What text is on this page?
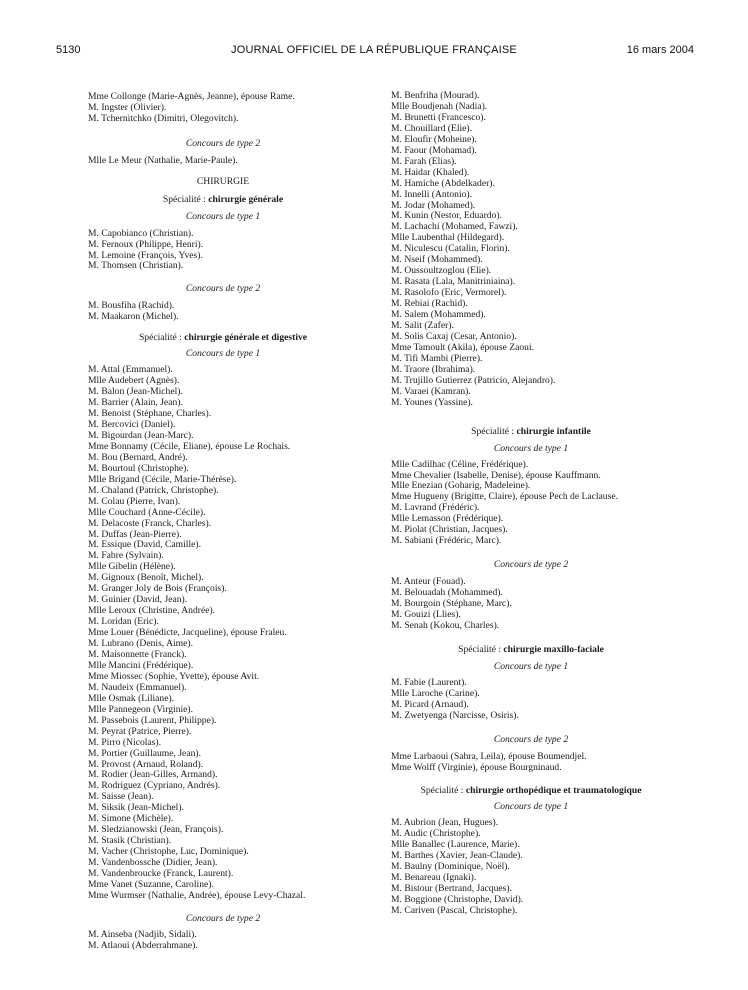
JOURNAL OFFICIEL DE LA RÉPUBLIQUE FRANÇAISE
5130	16 mars 2004
Mme Collonge (Marie-Agnès, Jeanne), épouse Rame.
M. Ingster (Olivier).
M. Tchernitchko (Dimitri, Olegovitch).
Concours de type 2
Mlle Le Meur (Nathalie, Marie-Paule).
CHIRURGIE
Spécialité : chirurgie générale
Concours de type 1
M. Capobianco (Christian).
M. Fernoux (Philippe, Henri).
M. Lemoine (François, Yves).
M. Thomsen (Christian).
Concours de type 2
M. Bousfiha (Rachid).
M. Maakaron (Michel).
Spécialité : chirurgie générale et digestive
Concours de type 1
M. Attal (Emmanuel).
Mlle Audebert (Agnès).
M. Balon (Jean-Michel).
M. Barrier (Alain, Jean).
M. Benoist (Stéphane, Charles).
M. Bercovici (Daniel).
M. Bigourdan (Jean-Marc).
Mme Bonnamy (Cécile, Eliane), épouse Le Rochais.
M. Bou (Bernard, André).
M. Bourtoul (Christophe).
Mlle Brigand (Cécile, Marie-Thérèse).
M. Chaland (Patrick, Christophe).
M. Colau (Pierre, Ivan).
Mlle Couchard (Anne-Cécile).
M. Delacoste (Franck, Charles).
M. Duffas (Jean-Pierre).
M. Essique (David, Camille).
M. Fabre (Sylvain).
Mlle Gibelin (Hélène).
M. Gignoux (Benoît, Michel).
M. Granger Joly de Bois (François).
M. Guinier (David, Jean).
Mlle Leroux (Christine, Andrée).
M. Loridan (Eric).
Mme Louer (Bénédicte, Jacqueline), épouse Fraleu.
M. Lubrano (Denis, Aime).
M. Maisonnette (Franck).
Mlle Mancini (Frédérique).
Mme Miossec (Sophie, Yvette), épouse Avit.
M. Naudeix (Emmanuel).
Mlle Osmak (Liliane).
Mlle Pannegeon (Virginie).
M. Passebois (Laurent, Philippe).
M. Peyrat (Patrice, Pierre).
M. Pirro (Nicolas).
M. Portier (Guillaume, Jean).
M. Provost (Arnaud, Roland).
M. Rodier (Jean-Gilles, Armand).
M. Rodriguez (Cypriano, Andrés).
M. Saisse (Jean).
M. Siksik (Jean-Michel).
M. Simone (Michèle).
M. Sledzianowski (Jean, François).
M. Stasik (Christian).
M. Vacher (Christophe, Luc, Dominique).
M. Vandenbossche (Didier, Jean).
M. Vandenbroucke (Franck, Laurent).
Mme Vanet (Suzanne, Caroline).
Mme Wurmser (Nathalie, Andrée), épouse Levy-Chazal.
Concours de type 2
M. Ainseba (Nadjib, Sidali).
M. Atlaoui (Abderrahmane).
M. Benfriha (Mourad).
Mlle Boudjenah (Nadia).
M. Brunetti (Francesco).
M. Chouillard (Elie).
M. Eloufir (Moheine).
M. Faour (Mohamad).
M. Farah (Elias).
M. Haidar (Khaled).
M. Hamiche (Abdelkader).
M. Innelli (Antonio).
M. Jodar (Mohamed).
M. Kunin (Nestor, Eduardo).
M. Lachachi (Mohamed, Fawzi).
Mlle Laubenthal (Hildegard).
M. Niculescu (Catalin, Florin).
M. Nseif (Mohammed).
M. Oussoultzoglou (Elie).
M. Rasata (Lala, Manitriniaina).
M. Rasolofo (Eric, Vermorel).
M. Rebiai (Rachid).
M. Salem (Mohammed).
M. Salit (Zafer).
M. Solis Caxaj (Cesar, Antonio).
Mme Tamoult (Akila), épouse Zaoui.
M. Tifi Mambi (Pierre).
M. Traore (Ibrahima).
M. Trujillo Gutierrez (Patricio, Alejandro).
M. Varaei (Kamran).
M. Younes (Yassine).
Spécialité : chirurgie infantile
Concours de type 1
Mlle Cadilhac (Céline, Frédérique).
Mme Chevalier (Isabelle, Denise), épouse Kauffmann.
Mlle Enezian (Goharig, Madeleine).
Mme Hugueny (Brigitte, Claire), épouse Pech de Laclause.
M. Lavrand (Frédéric).
Mlle Lemasson (Frédérique).
M. Piolat (Christian, Jacques).
M. Sabiani (Frédéric, Marc).
Concours de type 2
M. Anteur (Fouad).
M. Belouadah (Mohammed).
M. Bourgoin (Stéphane, Marc).
M. Gouizi (Llies).
M. Senah (Kokou, Charles).
Spécialité : chirurgie maxillo-faciale
Concours de type 1
M. Fabie (Laurent).
Mlle Laroche (Carine).
M. Picard (Arnaud).
M. Zwetyenga (Narcisse, Osiris).
Concours de type 2
Mme Larbaoui (Sahra, Leila), épouse Boumendjel.
Mme Wolff (Virginie), épouse Bourgninaud.
Spécialité : chirurgie orthopédique et traumatologique
Concours de type 1
M. Aubrion (Jean, Hugues).
M. Audic (Christophe).
Mlle Banallec (Laurence, Marie).
M. Barthes (Xavier, Jean-Claude).
M. Baulny (Dominique, Noël).
M. Benareau (Ignaki).
M. Bistour (Bertrand, Jacques).
M. Boggione (Christophe, David).
M. Cariven (Pascal, Christophe).
